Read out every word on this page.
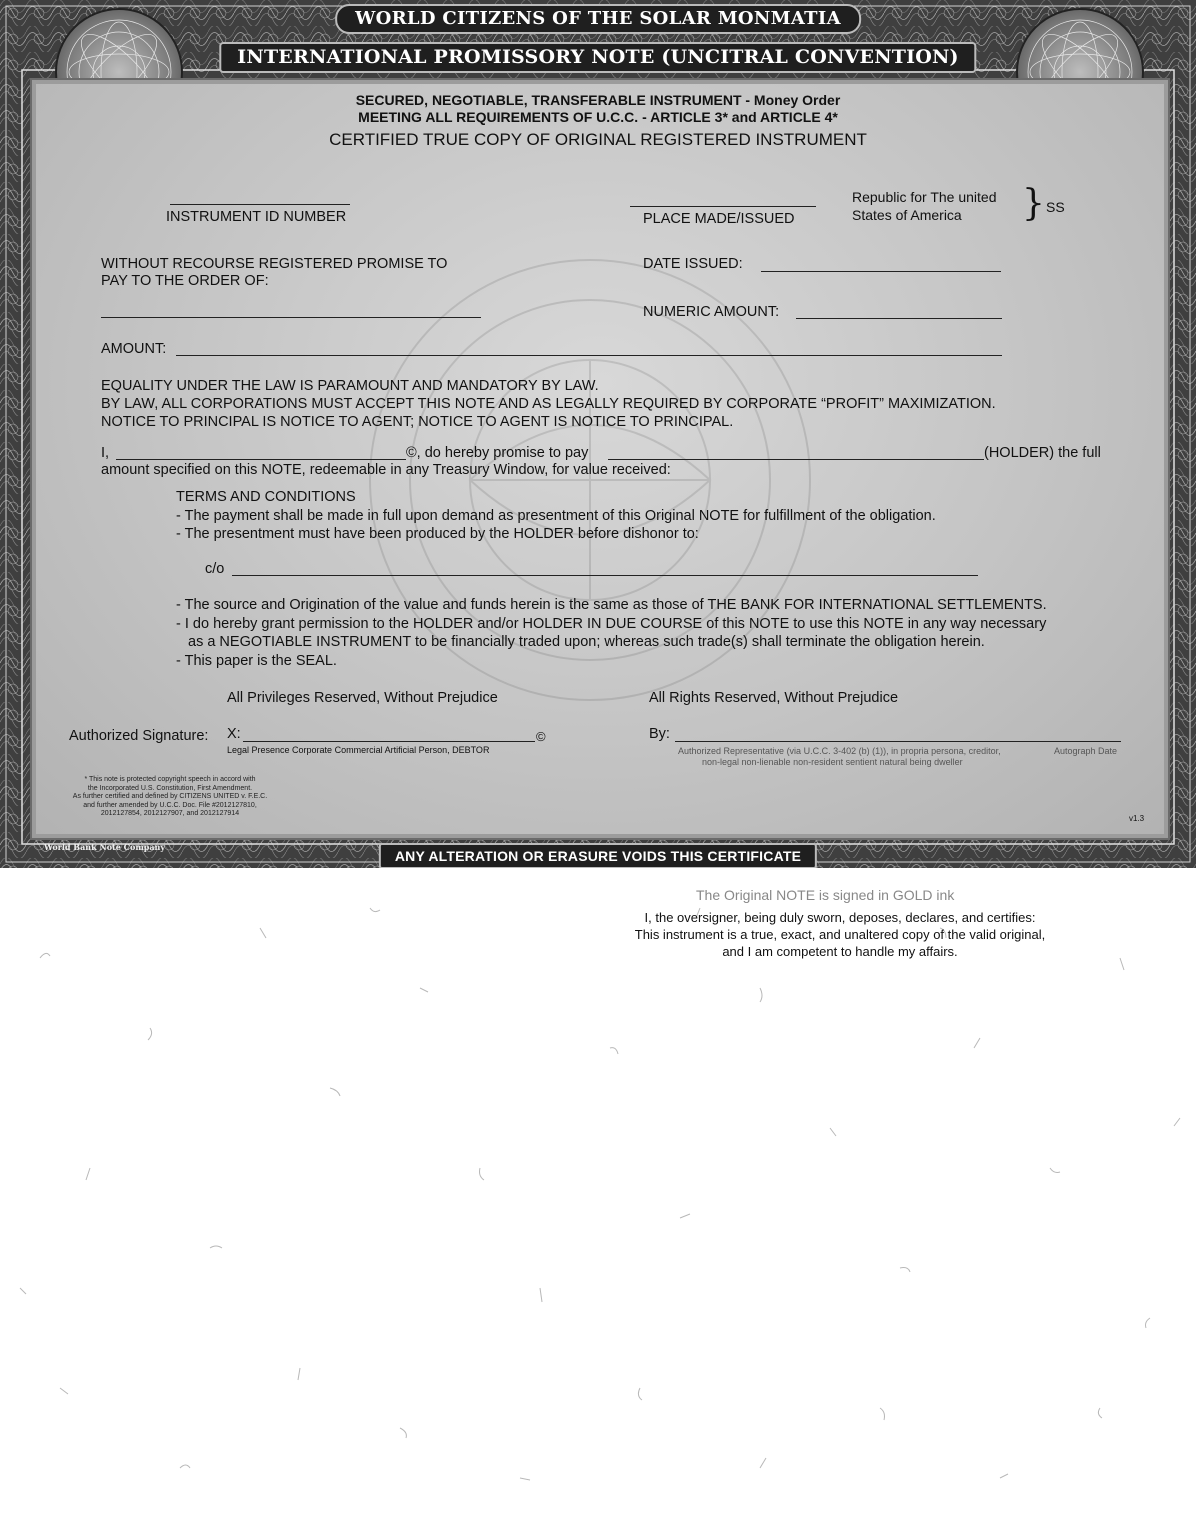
WORLD CITIZENS OF THE SOLAR MONMATIA
INTERNATIONAL PROMISSORY NOTE (UNCITRAL CONVENTION)
SECURED, NEGOTIABLE, TRANSFERABLE INSTRUMENT - Money Order
MEETING ALL REQUIREMENTS OF U.C.C. - ARTICLE 3* and ARTICLE 4*
CERTIFIED TRUE COPY OF ORIGINAL REGISTERED INSTRUMENT
INSTRUMENT ID NUMBER	PLACE MADE/ISSUED
Republic for The united
States of America	} SS
WITHOUT RECOURSE REGISTERED PROMISE TO
PAY TO THE ORDER OF:
DATE ISSUED:
NUMERIC AMOUNT:
AMOUNT:
EQUALITY UNDER THE LAW IS PARAMOUNT AND MANDATORY BY LAW.
BY LAW, ALL CORPORATIONS MUST ACCEPT THIS NOTE AND AS LEGALLY REQUIRED BY CORPORATE “PROFIT” MAXIMIZATION.
NOTICE TO PRINCIPAL IS NOTICE TO AGENT; NOTICE TO AGENT IS NOTICE TO PRINCIPAL.
I,	©, do hereby promise to pay	(HOLDER) the full
amount specified on this NOTE, redeemable in any Treasury Window, for value received:
TERMS AND CONDITIONS
- The payment shall be made in full upon demand as presentment of this Original NOTE for fulfillment of the obligation.
- The presentment must have been produced by the HOLDER before dishonor to:
c/o
- The source and Origination of the value and funds herein is the same as those of THE BANK FOR INTERNATIONAL SETTLEMENTS.
- I do hereby grant permission to the HOLDER and/or HOLDER IN DUE COURSE of this NOTE to use this NOTE in any way necessary
as a NEGOTIABLE INSTRUMENT to be financially traded upon; whereas such trade(s) shall terminate the obligation herein.
- This paper is the SEAL.
All Privileges Reserved, Without Prejudice	All Rights Reserved, Without Prejudice
Authorized Signature: X:	©
Legal Presence Corporate Commercial Artificial Person, DEBTOR
By:
Authorized Representative (via U.C.C. 3-402 (b) (1)), in propria persona, creditor,
non-legal non-lienable non-resident sentient natural being dweller
Autograph Date
* This note is protected copyright speech in accord with
the Incorporated U.S. Constitution, First Amendment.
As further certified and defined by CITIZENS UNITED v. F.E.C.
and further amended by U.C.C. Doc. File #2012127810,
2012127854, 2012127907, and 2012127914
v1.3
World Bank Note Company
ANY ALTERATION OR ERASURE VOIDS THIS CERTIFICATE
The Original NOTE is signed in GOLD ink
I, the oversigner, being duly sworn, deposes, declares, and certifies:
This instrument is a true, exact, and unaltered copy of the valid original,
and I am competent to handle my affairs.
